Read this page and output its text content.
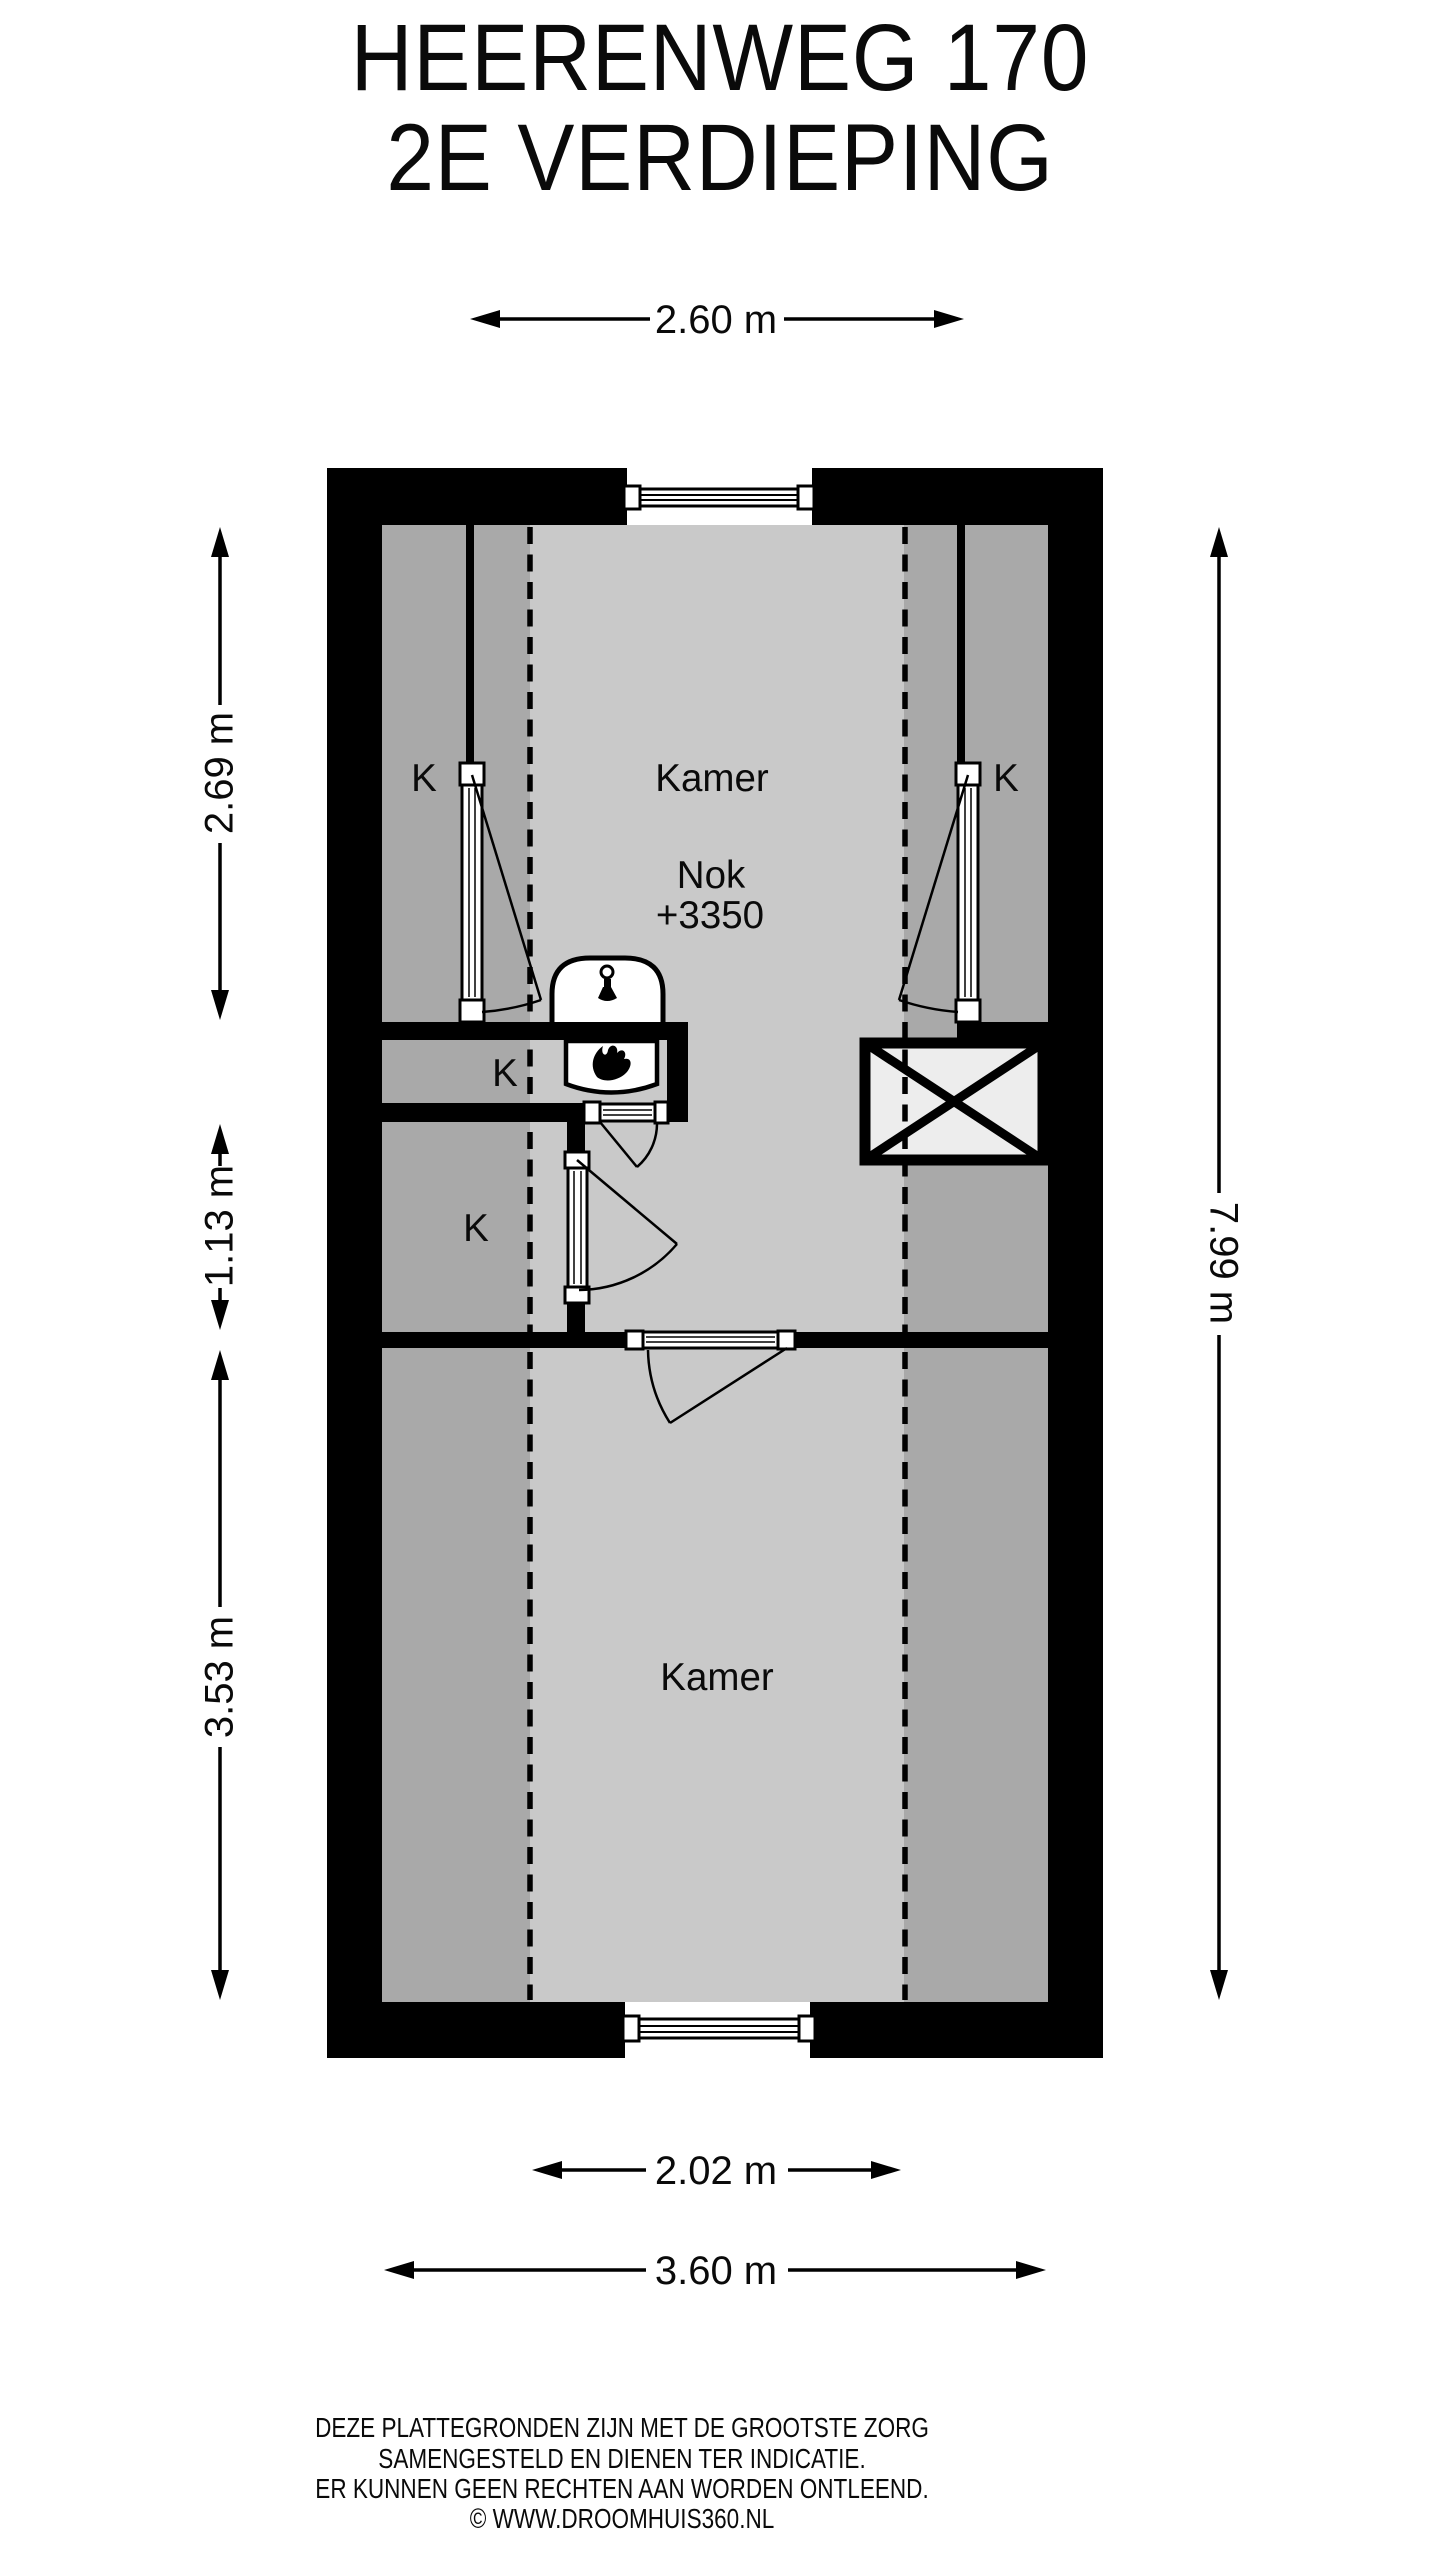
HEERENWEG 170
2E VERDIEPING
K	Kamer	K
Nok
+3350
K
K
Kamer
2.60 m
2.69 m
1.13 m
3.53 m
7.99 m
2.02 m
3.60 m
DEZE PLATTEGRONDEN ZIJN MET DE GROOTSTE ZORG
SAMENGESTELD EN DIENEN TER INDICATIE.
ER KUNNEN GEEN RECHTEN AAN WORDEN ONTLEEND.
© WWW.DROOMHUIS360.NL
